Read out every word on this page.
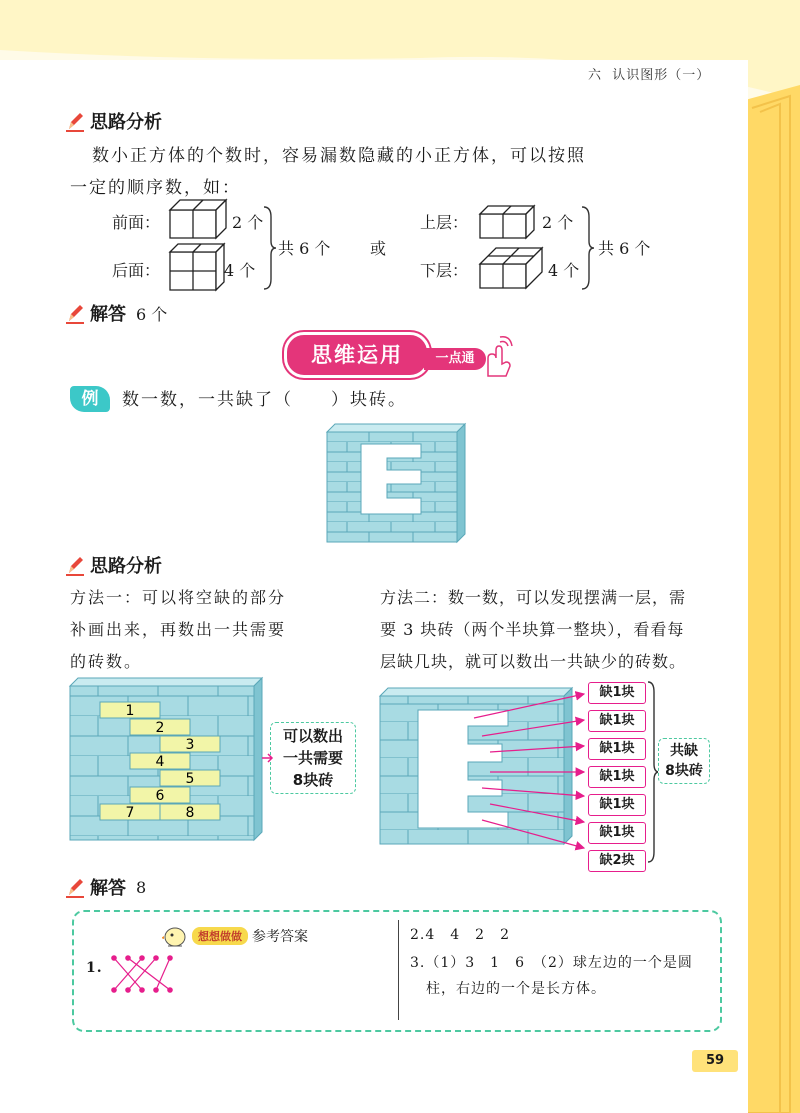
六 认识图形（一）
思路分析
数小正方体的个数时，容易漏数隐藏的小正方体，可以按照
一定的顺序数，如：
前面：	2 个
后面：	4 个
共 6 个 或
上层：	2 个
下层：	4 个
共 6 个
解答 6 个
思维运用	一点通
例	数一数，一共缺了（　　）块砖。
思路分析
方法一：可以将空缺的部分
补画出来，再数出一共需要
的砖数。
方法二：数一数，可以发现摆满一层，需
要 3 块砖（两个半块算一整块），看看每
层缺几块，就可以数出一共缺少的砖数。
1
2
3
4
5
6
7	8
可以数出
一共需要
8块砖
缺1块
缺1块
缺1块
缺1块
缺1块
缺1块
缺2块
共缺
8块砖
解答 8
想想做做 参考答案
1.
2.4　4　2　2
3.（1）3　1　6　（2）球左边的一个是圆
柱，右边的一个是长方体。
59
